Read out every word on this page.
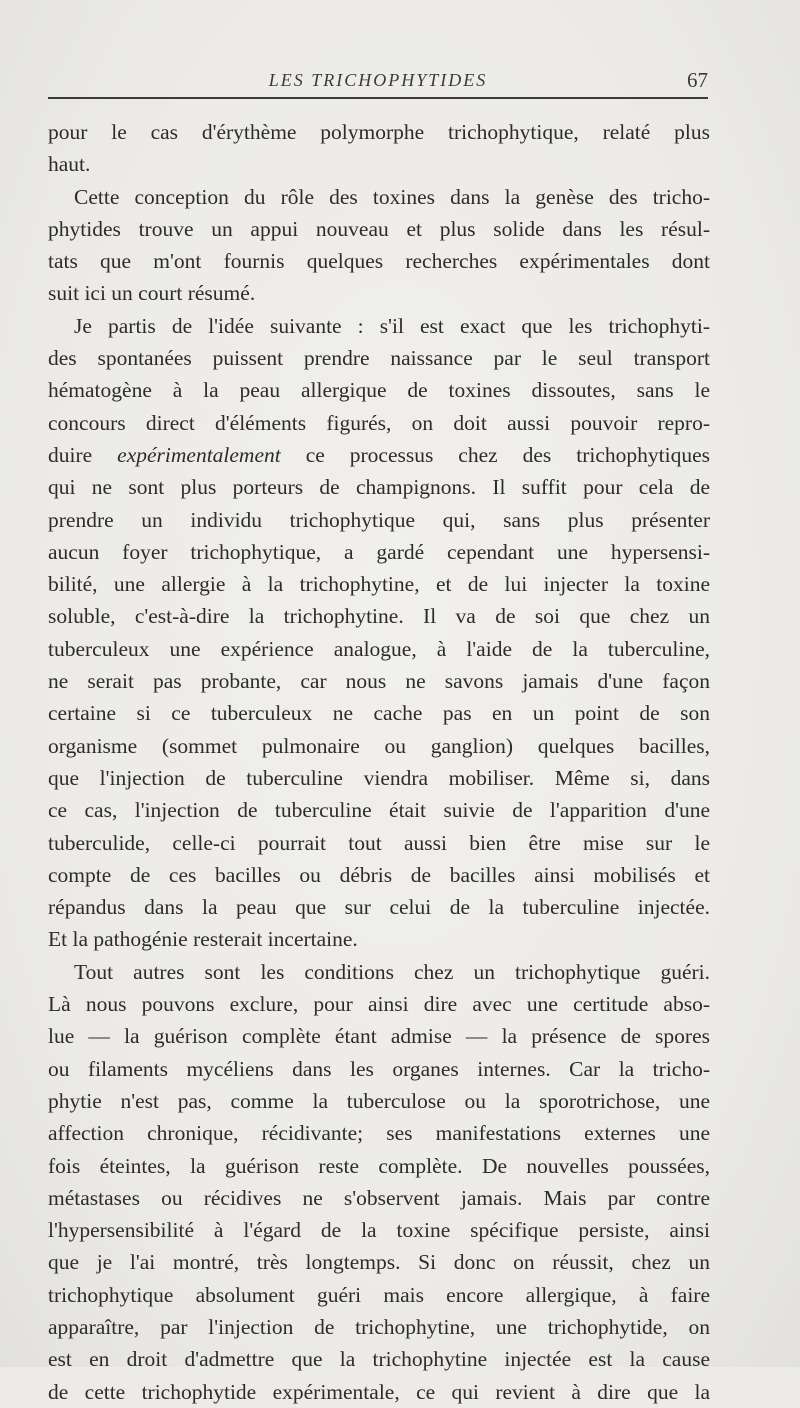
LES TRICHOPHYTIDES	67
pour le cas d'érythème polymorphe trichophytique, relaté plus
haut.
Cette conception du rôle des toxines dans la genèse des tricho-
phytides trouve un appui nouveau et plus solide dans les résul-
tats que m'ont fournis quelques recherches expérimentales dont
suit ici un court résumé.
Je partis de l'idée suivante : s'il est exact que les trichophyti-
des spontanées puissent prendre naissance par le seul transport
hématogène à la peau allergique de toxines dissoutes, sans le
concours direct d'éléments figurés, on doit aussi pouvoir repro-
duire expérimentalement ce processus chez des trichophytiques
qui ne sont plus porteurs de champignons. Il suffit pour cela de
prendre un individu trichophytique qui, sans plus présenter
aucun foyer trichophytique, a gardé cependant une hypersensi-
bilité, une allergie à la trichophytine, et de lui injecter la toxine
soluble, c'est-à-dire la trichophytine. Il va de soi que chez un
tuberculeux une expérience analogue, à l'aide de la tuberculine,
ne serait pas probante, car nous ne savons jamais d'une façon
certaine si ce tuberculeux ne cache pas en un point de son
organisme (sommet pulmonaire ou ganglion) quelques bacilles,
que l'injection de tuberculine viendra mobiliser. Même si, dans
ce cas, l'injection de tuberculine était suivie de l'apparition d'une
tuberculide, celle-ci pourrait tout aussi bien être mise sur le
compte de ces bacilles ou débris de bacilles ainsi mobilisés et
répandus dans la peau que sur celui de la tuberculine injectée.
Et la pathogénie resterait incertaine.
Tout autres sont les conditions chez un trichophytique guéri.
Là nous pouvons exclure, pour ainsi dire avec une certitude abso-
lue — la guérison complète étant admise — la présence de spores
ou filaments mycéliens dans les organes internes. Car la tricho-
phytie n'est pas, comme la tuberculose ou la sporotrichose, une
affection chronique, récidivante; ses manifestations externes une
fois éteintes, la guérison reste complète. De nouvelles poussées,
métastases ou récidives ne s'observent jamais. Mais par contre
l'hypersensibilité à l'égard de la toxine spécifique persiste, ainsi
que je l'ai montré, très longtemps. Si donc on réussit, chez un
trichophytique absolument guéri mais encore allergique, à faire
apparaître, par l'injection de trichophytine, une trichophytide, on
est en droit d'admettre que la trichophytine injectée est la cause
de cette trichophytide expérimentale, ce qui revient à dire que la
